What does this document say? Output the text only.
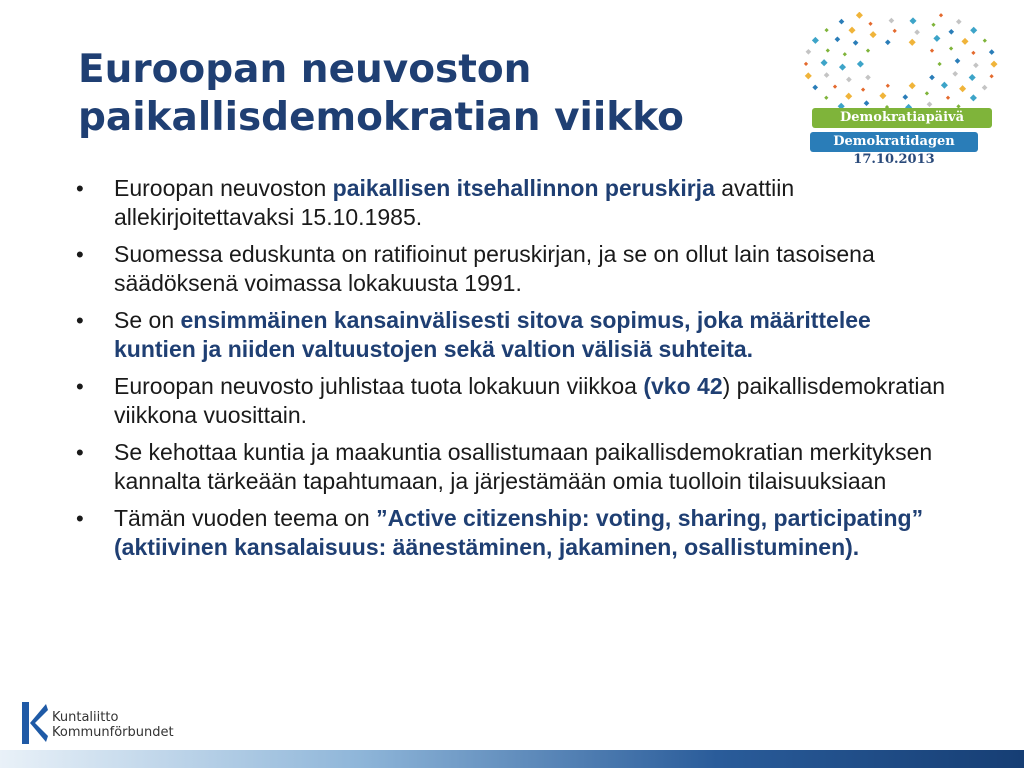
Euroopan neuvoston paikallisdemokratian viikko	Demokratiapäivä
Demokratidagen
17.10.2013
• Euroopan neuvoston paikallisen itsehallinnon peruskirja avattiin allekirjoitettavaksi 15.10.1985.
• Suomessa eduskunta on ratifioinut peruskirjan, ja se on ollut lain tasoisena säädöksenä voimassa lokakuusta 1991.
• Se on ensimmäinen kansainvälisesti sitova sopimus, joka määrittelee kuntien ja niiden valtuustojen sekä valtion välisiä suhteita.
• Euroopan neuvosto juhlistaa tuota lokakuun viikkoa (vko 42) paikallisdemokratian viikkona vuosittain.
• Se kehottaa kuntia ja maakuntia osallistumaan paikallisdemokratian merkityksen kannalta tärkeään tapahtumaan, ja järjestämään omia tuolloin tilaisuuksiaan
• Tämän vuoden teema on ”Active citizenship: voting, sharing, participating” (aktiivinen kansalaisuus: äänestäminen, jakaminen, osallistuminen).
Kuntaliitto
Kommunförbundet
